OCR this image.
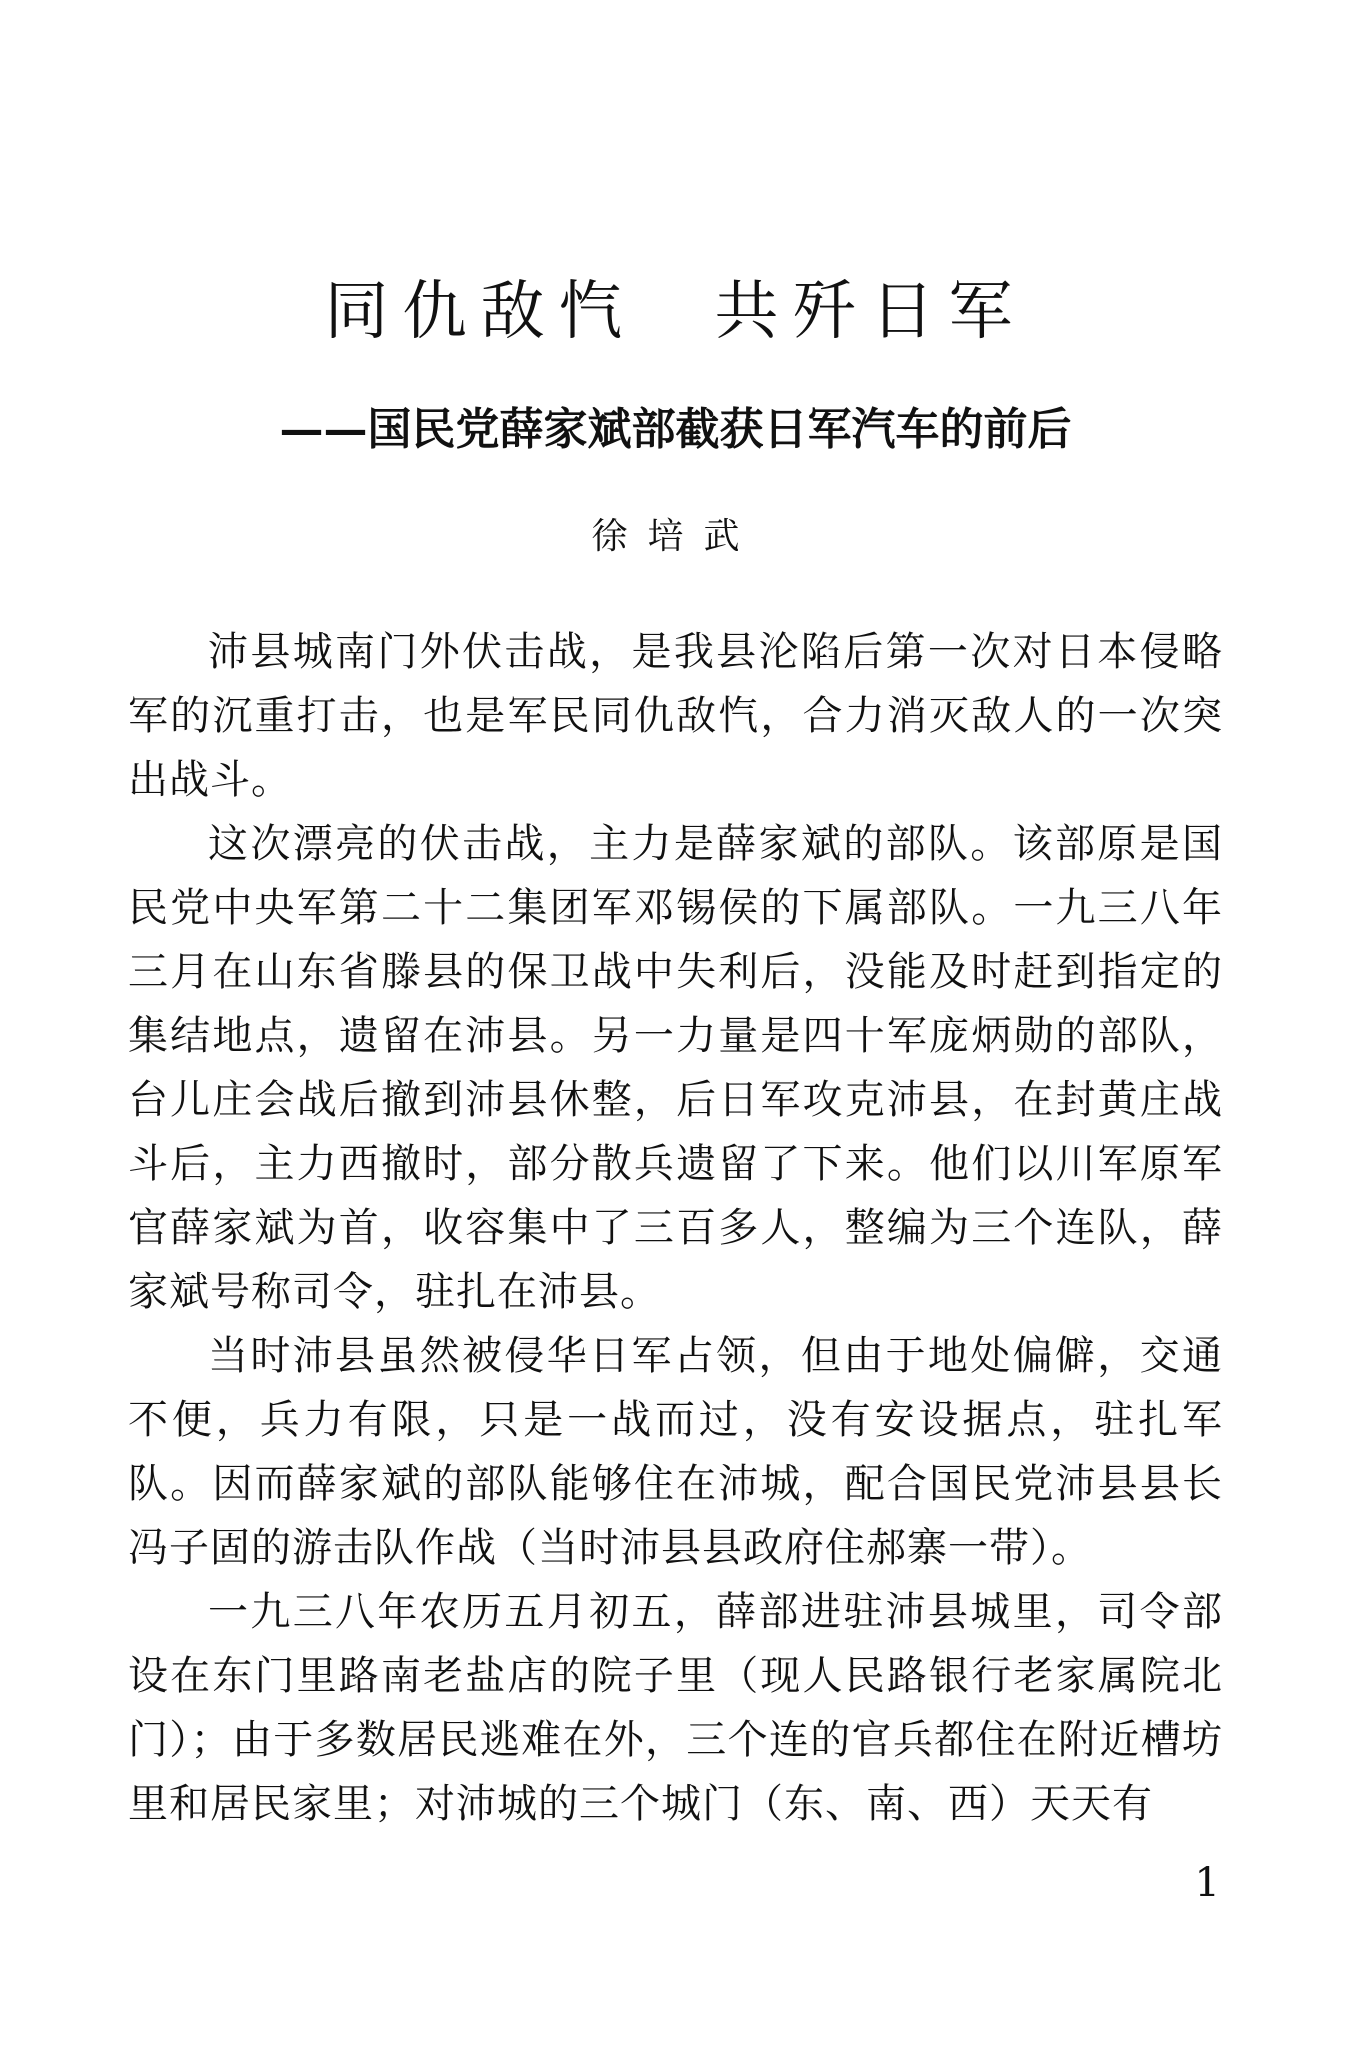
同仇敌忾　共歼日军
——国民党薛家斌部截获日军汽车的前后
徐培武

沛县城南门外伏击战，是我县沦陷后第一次对日本侵略军的沉重打击，也是军民同仇敌忾，合力消灭敌人的一次突出战斗。

这次漂亮的伏击战，主力是薛家斌的部队。该部原是国民党中央军第二十二集团军邓锡侯的下属部队。一九三八年三月在山东省滕县的保卫战中失利后，没能及时赶到指定的集结地点，遗留在沛县。另一力量是四十军庞炳勋的部队，台儿庄会战后撤到沛县休整，后日军攻克沛县，在封黄庄战斗后，主力西撤时，部分散兵遗留了下来。他们以川军原军官薛家斌为首，收容集中了三百多人，整编为三个连队，薛家斌号称司令，驻扎在沛县。

当时沛县虽然被侵华日军占领，但由于地处偏僻，交通不便，兵力有限，只是一战而过，没有安设据点，驻扎军队。因而薛家斌的部队能够住在沛城，配合国民党沛县县长冯子固的游击队作战（当时沛县县政府住郝寨一带）。

一九三八年农历五月初五，薛部进驻沛县城里，司令部设在东门里路南老盐店的院子里（现人民路银行老家属院北门）；由于多数居民逃难在外，三个连的官兵都住在附近槽坊里和居民家里；对沛城的三个城门（东、南、西）天天有

1
